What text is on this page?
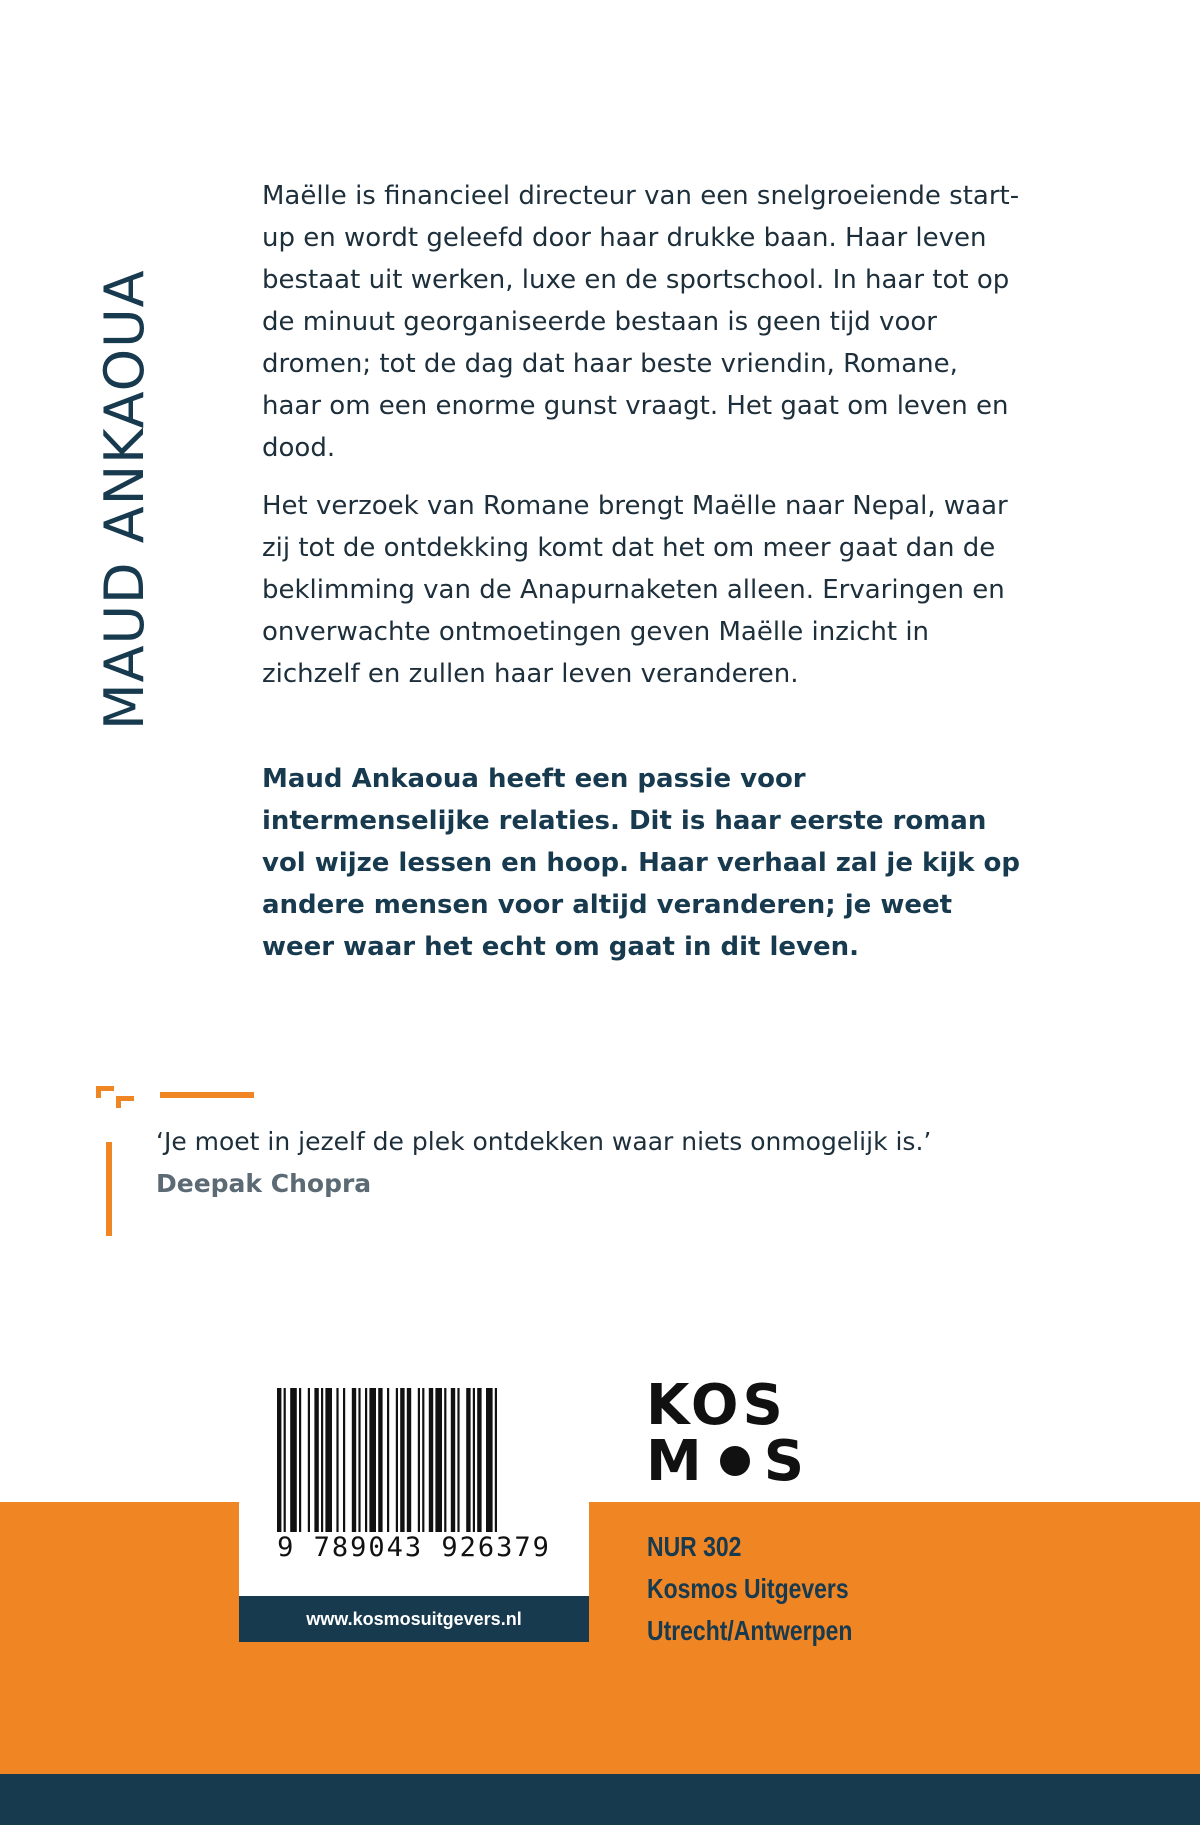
MAUD ANKAOUA

Maëlle is financieel directeur van een snelgroeiende start-up en wordt geleefd door haar drukke baan. Haar leven bestaat uit werken, luxe en de sportschool. In haar tot op de minuut georganiseerde bestaan is geen tijd voor dromen; tot de dag dat haar beste vriendin, Romane, haar om een enorme gunst vraagt. Het gaat om leven en dood.

Het verzoek van Romane brengt Maëlle naar Nepal, waar zij tot de ontdekking komt dat het om meer gaat dan de beklimming van de Anapurnaketen alleen. Ervaringen en onverwachte ontmoetingen geven Maëlle inzicht in zichzelf en zullen haar leven veranderen.

Maud Ankaoua heeft een passie voor intermenselijke relaties. Dit is haar eerste roman vol wijze lessen en hoop. Haar verhaal zal je kijk op andere mensen voor altijd veranderen; je weet weer waar het echt om gaat in dit leven.

‘Je moet in jezelf de plek ontdekken waar niets onmogelijk is.’
Deepak Chopra
9 789043 926379
www.kosmosuitgevers.nl
KOS
M S
NUR 302
Kosmos Uitgevers
Utrecht/Antwerpen
